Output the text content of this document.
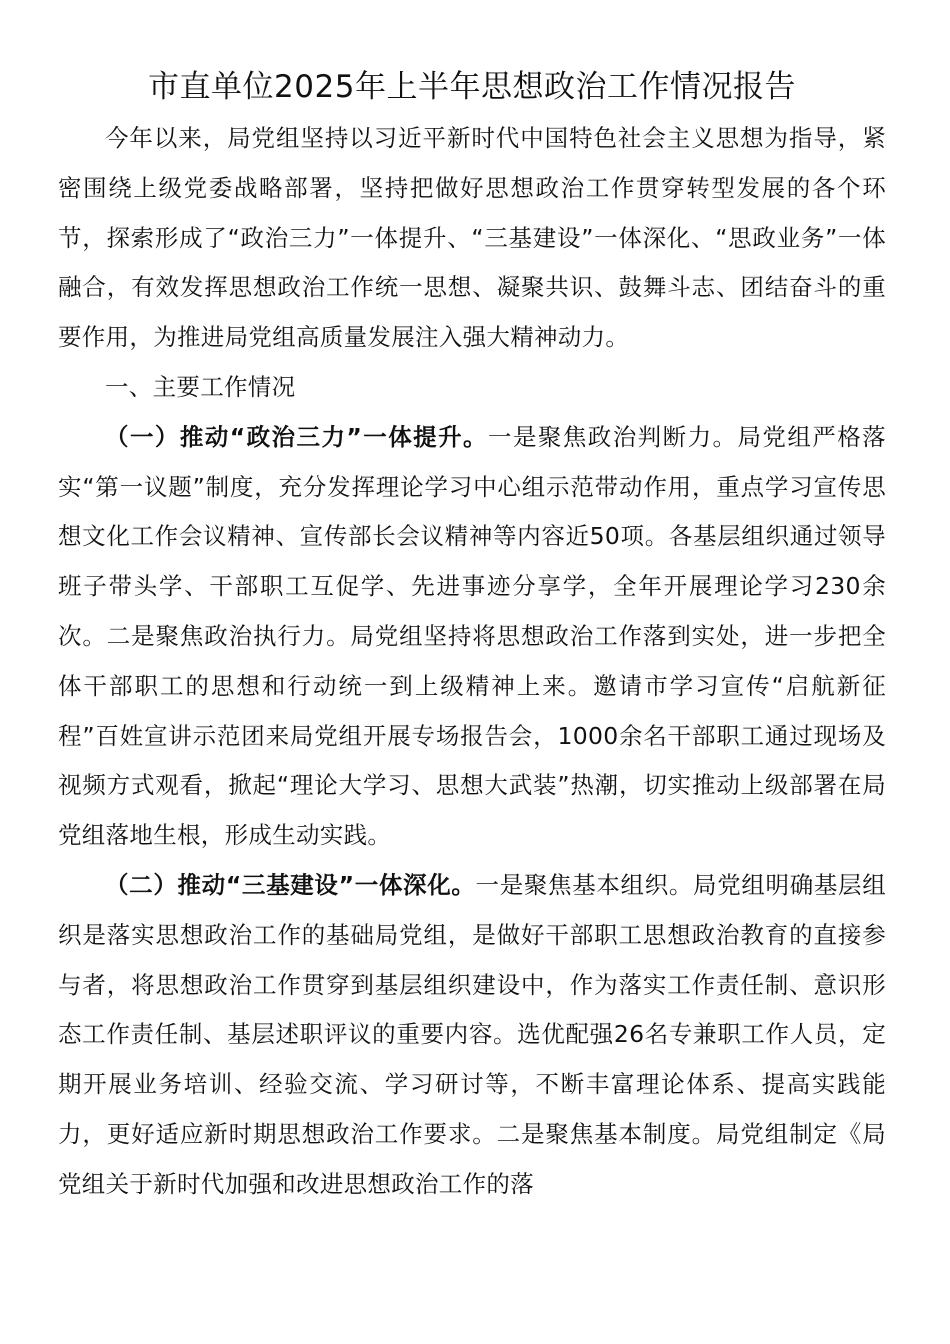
市直单位2025年上半年思想政治工作情况报告

今年以来，局党组坚持以习近平新时代中国特色社会主义思想为指导，紧密围绕上级党委战略部署，坚持把做好思想政治工作贯穿转型发展的各个环节，探索形成了“政治三力”一体提升、“三基建设”一体深化、“思政业务”一体融合，有效发挥思想政治工作统一思想、凝聚共识、鼓舞斗志、团结奋斗的重要作用，为推进局党组高质量发展注入强大精神动力。

一、主要工作情况

（一）推动“政治三力”一体提升。一是聚焦政治判断力。局党组严格落实“第一议题”制度，充分发挥理论学习中心组示范带动作用，重点学习宣传思想文化工作会议精神、宣传部长会议精神等内容近50项。各基层组织通过领导班子带头学、干部职工互促学、先进事迹分享学，全年开展理论学习230余次。二是聚焦政治执行力。局党组坚持将思想政治工作落到实处，进一步把全体干部职工的思想和行动统一到上级精神上来。邀请市学习宣传“启航新征程”百姓宣讲示范团来局党组开展专场报告会，1000余名干部职工通过现场及视频方式观看，掀起“理论大学习、思想大武装”热潮，切实推动上级部署在局党组落地生根，形成生动实践。

（二）推动“三基建设”一体深化。一是聚焦基本组织。局党组明确基层组织是落实思想政治工作的基础局党组，是做好干部职工思想政治教育的直接参与者，将思想政治工作贯穿到基层组织建设中，作为落实工作责任制、意识形态工作责任制、基层述职评议的重要内容。选优配强26名专兼职工作人员，定期开展业务培训、经验交流、学习研讨等，不断丰富理论体系、提高实践能力，更好适应新时期思想政治工作要求。二是聚焦基本制度。局党组制定《局党组关于新时代加强和改进思想政治工作的落
